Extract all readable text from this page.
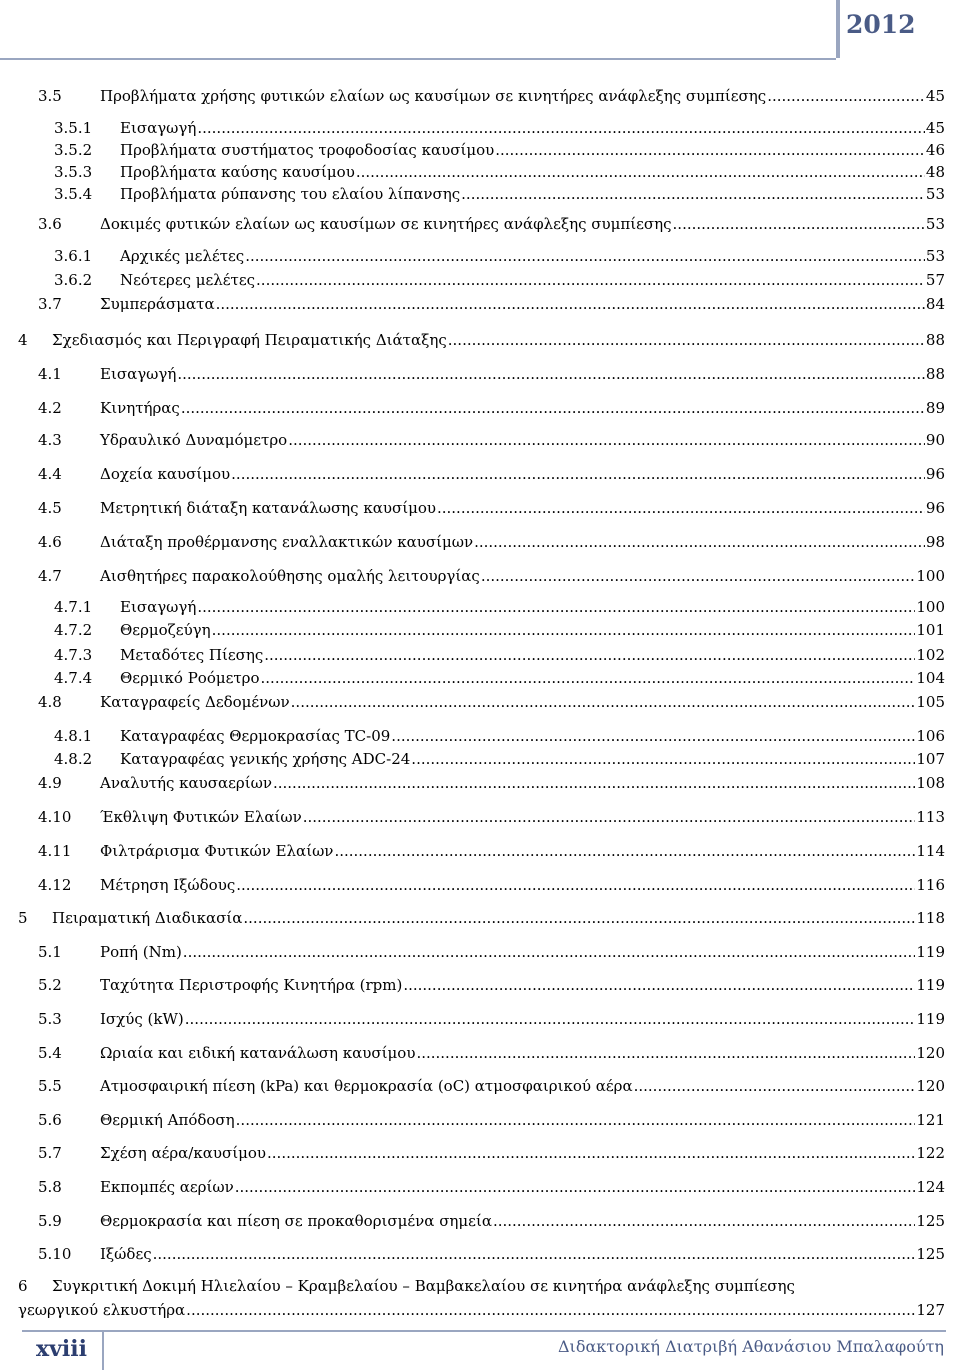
2012
3.5	Προβλήματα χρήσης φυτικών ελαίων ως καυσίμων σε κινητήρες ανάφλεξης συμπίεσης .....	45
3.5.1	Εισαγωγή .....	45
3.5.2	Προβλήματα συστήματος τροφοδοσίας καυσίμου .....	46
3.5.3	Προβλήματα καύσης καυσίμου .....	48
3.5.4	Προβλήματα ρύπανσης του ελαίου λίπανσης .....	53
3.6	Δοκιμές φυτικών ελαίων ως καυσίμων σε κινητήρες ανάφλεξης συμπίεσης .....	53
3.6.1	Αρχικές μελέτες .....	53
3.6.2	Νεότερες μελέτες .....	57
3.7	Συμπεράσματα .....	84
4	Σχεδιασμός και Περιγραφή Πειραματικής Διάταξης .....	88
4.1	Εισαγωγή .....	88
4.2	Κινητήρας .....	89
4.3	Υδραυλικό Δυναμόμετρο .....	90
4.4	Δοχεία καυσίμου .....	96
4.5	Μετρητική διάταξη κατανάλωσης καυσίμου .....	96
4.6	Διάταξη προθέρμανσης εναλλακτικών καυσίμων .....	98
4.7	Αισθητήρες παρακολούθησης ομαλής λειτουργίας .....	100
4.7.1	Εισαγωγή .....	100
4.7.2	Θερμοζεύγη .....	101
4.7.3	Μεταδότες Πίεσης .....	102
4.7.4	Θερμικό Ροόμετρο .....	104
4.8	Καταγραφείς Δεδομένων .....	105
4.8.1	Καταγραφέας Θερμοκρασίας TC-09 .....	106
4.8.2	Καταγραφέας γενικής χρήσης ADC-24 .....	107
4.9	Αναλυτής καυσαερίων .....	108
4.10	Έκθλιψη Φυτικών Ελαίων .....	113
4.11	Φιλτράρισμα Φυτικών Ελαίων .....	114
4.12	Μέτρηση Ιξώδους .....	116
5	Πειραματική Διαδικασία .....	118
5.1	Ροπή (Nm) .....	119
5.2	Ταχύτητα Περιστροφής Κινητήρα (rpm) .....	119
5.3	Ισχύς (kW) .....	119
5.4	Ωριαία και ειδική κατανάλωση καυσίμου .....	120
5.5	Ατμοσφαιρική πίεση (kPa) και θερμοκρασία (οC) ατμοσφαιρικού αέρα .....	120
5.6	Θερμική Απόδοση .....	121
5.7	Σχέση αέρα/καυσίμου .....	122
5.8	Εκπομπές αερίων .....	124
5.9	Θερμοκρασία και πίεση σε προκαθορισμένα σημεία .....	125
5.10	Ιξώδες .....	125
6 Συγκριτική Δοκιμή Ηλιελαίου – Κραμβελαίου – Βαμβακελαίου σε κινητήρα ανάφλεξης συμπίεσης
γεωργικού ελκυστήρα .....	127
xviii	Διδακτορική Διατριβή Αθανάσιου Μπαλαφούτη
